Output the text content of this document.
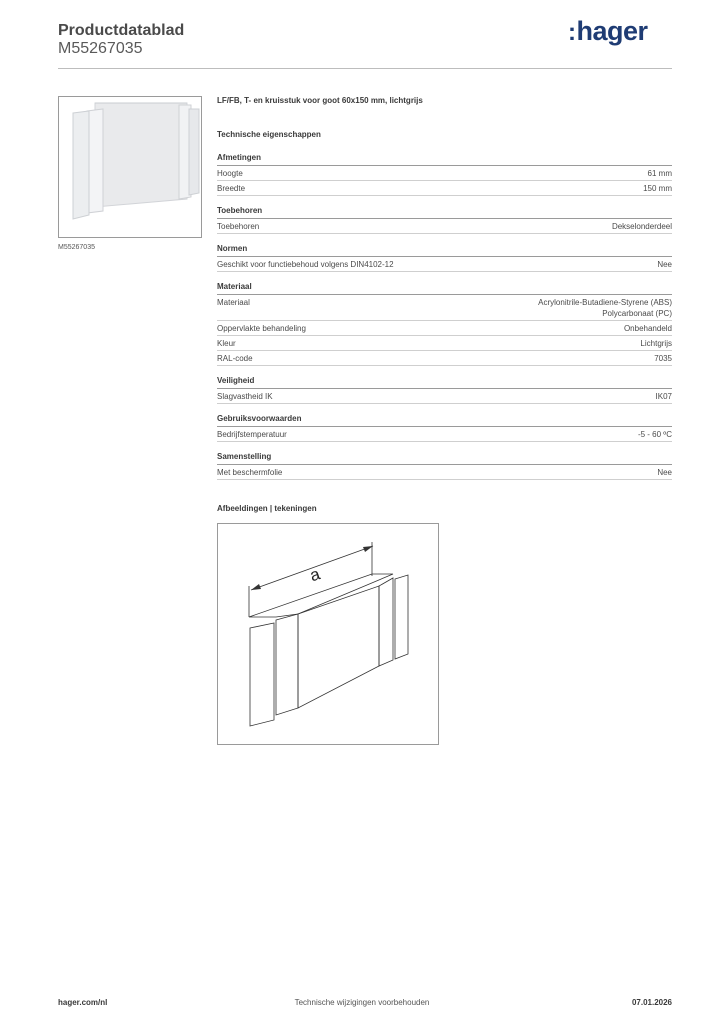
Productdatablad
M55267035
:hager
M55267035
LF/FB, T- en kruisstuk voor goot 60x150 mm, lichtgrijs
Technische eigenschappen
Afmetingen
Hoogte	61 mm
Breedte	150 mm
Toebehoren
Toebehoren	Dekselonderdeel
Normen
Geschikt voor functiebehoud volgens DIN4102-12	Nee
Materiaal
Materiaal	Acrylonitrile-Butadiene-Styrene (ABS)
Polycarbonaat (PC)
Oppervlakte behandeling	Onbehandeld
Kleur	Lichtgrijs
RAL-code	7035
Veiligheid
Slagvastheid IK	IK07
Gebruiksvoorwaarden
Bedrijfstemperatuur	-5 - 60 ºC
Samenstelling
Met beschermfolie	Nee
Afbeeldingen | tekeningen
a
hager.com/nl	Technische wijzigingen voorbehouden	07.01.2026
